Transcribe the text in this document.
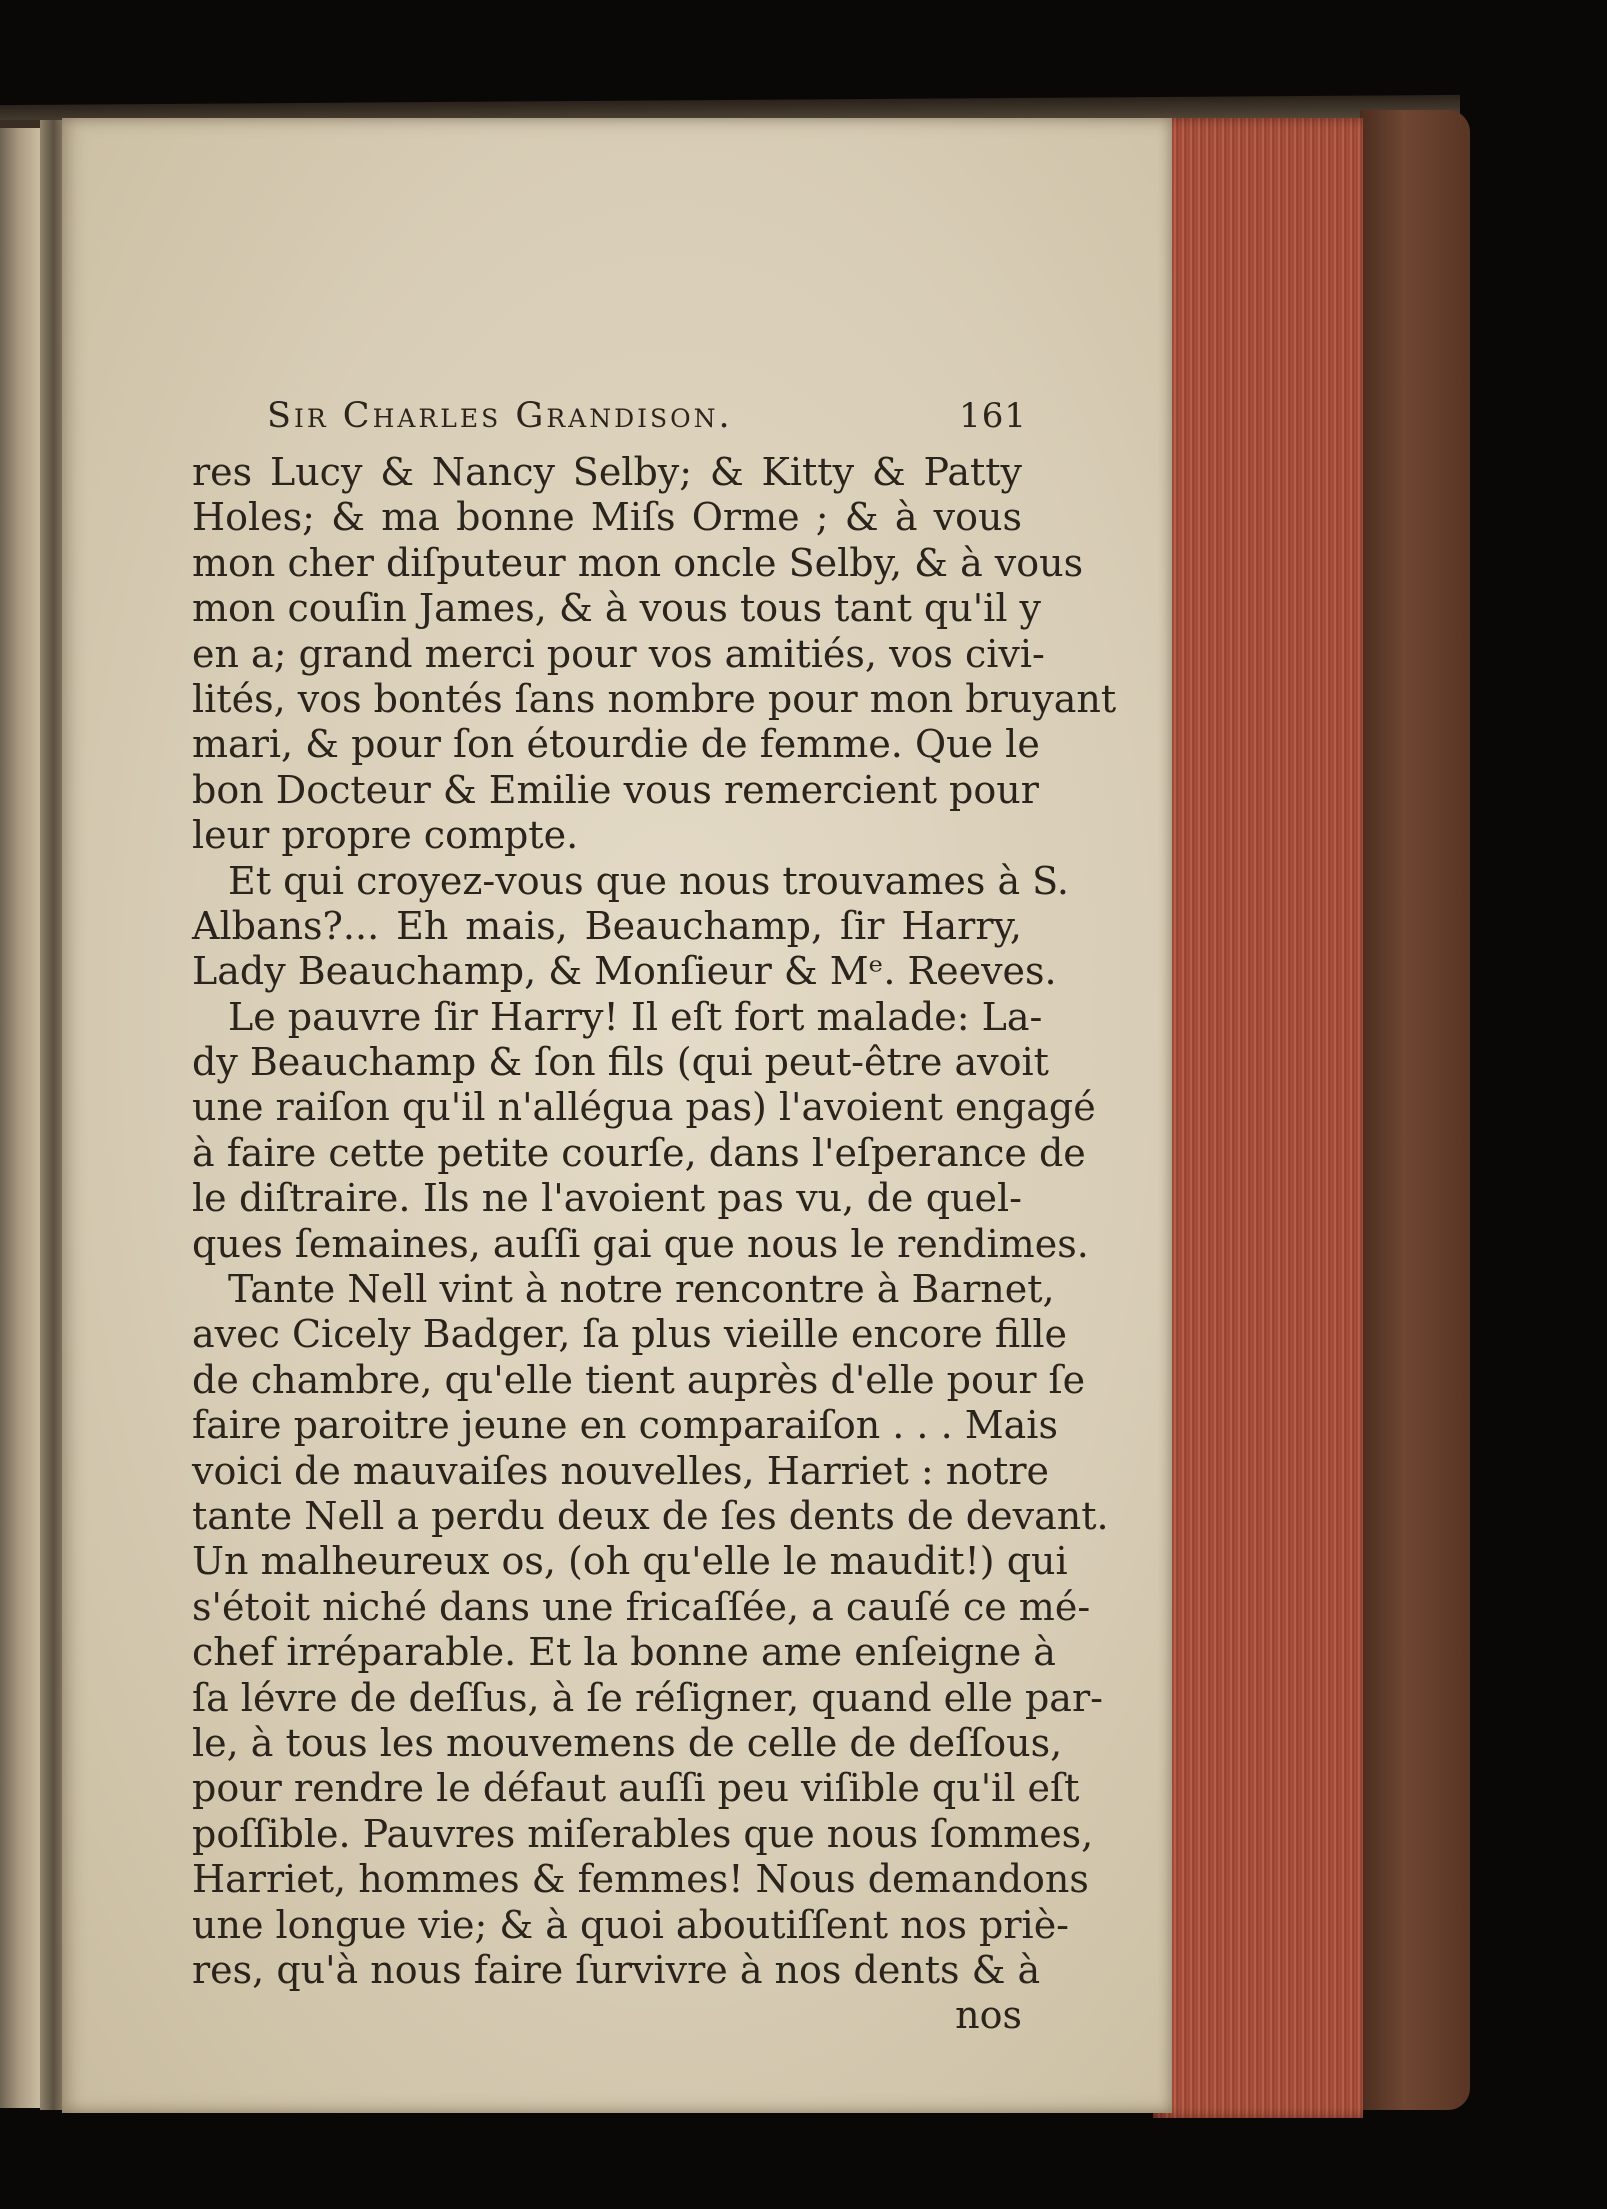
Sir Charles Grandison.	161
res Lucy & Nancy Selby; & Kitty & Patty
Holes; & ma bonne Miſs Orme ; & à vous
mon cher diſputeur mon oncle Selby, & à vous
mon couſin James, & à vous tous tant qu'il y
en a; grand merci pour vos amitiés, vos civi-
lités, vos bontés ſans nombre pour mon bruyant
mari, & pour ſon étourdie de femme. Que le
bon Docteur & Emilie vous remercient pour
leur propre compte.
Et qui croyez-vous que nous trouvames à S.
Albans?... Eh mais, Beauchamp, ſir Harry,
Lady Beauchamp, & Monſieur & Mᵉ. Reeves.
Le pauvre ſir Harry! Il eſt fort malade: La-
dy Beauchamp & ſon fils (qui peut-être avoit
une raiſon qu'il n'allégua pas) l'avoient engagé
à faire cette petite courſe, dans l'eſperance de
le diſtraire. Ils ne l'avoient pas vu, de quel-
ques ſemaines, auſſi gai que nous le rendimes.
Tante Nell vint à notre rencontre à Barnet,
avec Cicely Badger, ſa plus vieille encore fille
de chambre, qu'elle tient auprès d'elle pour ſe
faire paroitre jeune en comparaiſon . . . Mais
voici de mauvaiſes nouvelles, Harriet : notre
tante Nell a perdu deux de ſes dents de devant.
Un malheureux os, (oh qu'elle le maudit!) qui
s'étoit niché dans une fricaſſée, a cauſé ce mé-
chef irréparable. Et la bonne ame enſeigne à
ſa lévre de deſſus, à ſe réſigner, quand elle par-
le, à tous les mouvemens de celle de deſſous,
pour rendre le défaut auſſi peu viſible qu'il eſt
poſſible. Pauvres miſerables que nous ſommes,
Harriet, hommes & femmes! Nous demandons
une longue vie; & à quoi aboutiſſent nos priè-
res, qu'à nous faire ſurvivre à nos dents & à
nos
